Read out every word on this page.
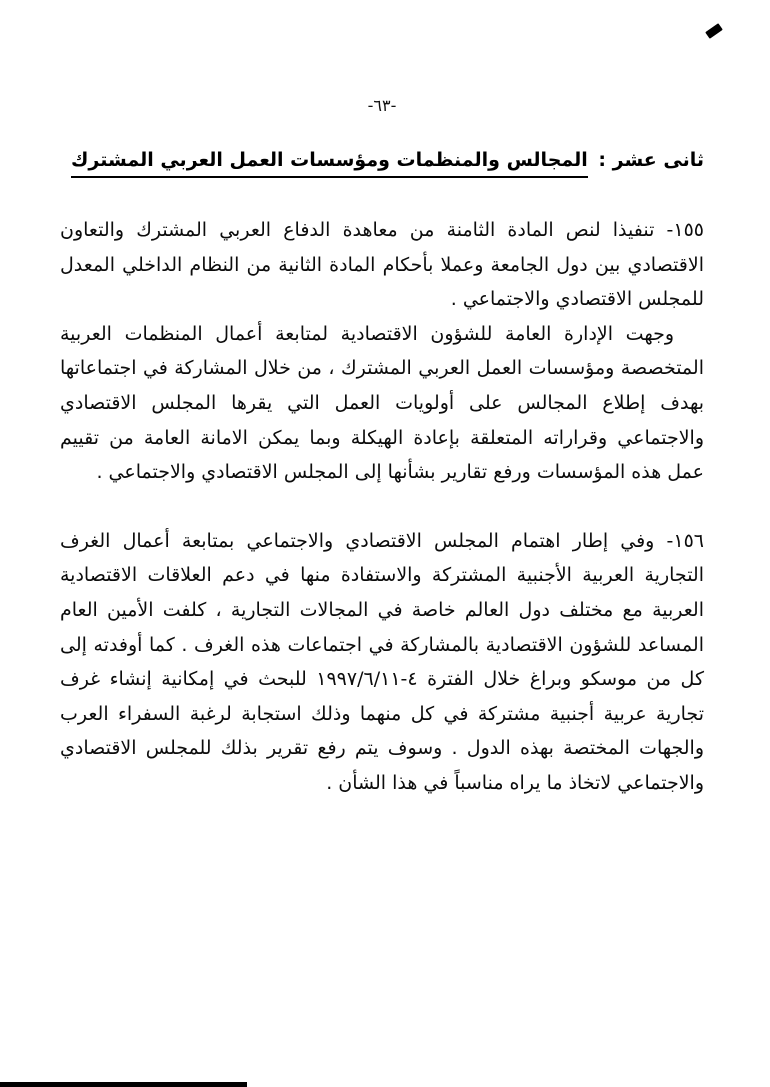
-٦٣-
ثانى عشر : المجالس والمنظمات ومؤسسات العمل العربي المشترك

١٥٥- تنفيذا لنص المادة الثامنة من معاهدة الدفاع العربي المشترك والتعاون الاقتصادي بين دول الجامعة وعملا بأحكام المادة الثانية من النظام الداخلي المعدل للمجلس الاقتصادي والاجتماعي .

وجهت الإدارة العامة للشؤون الاقتصادية لمتابعة أعمال المنظمات العربية المتخصصة ومؤسسات العمل العربي المشترك ، من خلال المشاركة في اجتماعاتها بهدف إطلاع المجالس على أولويات العمل التي يقرها المجلس الاقتصادي والاجتماعي وقراراته المتعلقة بإعادة الهيكلة وبما يمكن الامانة العامة من تقييم عمل هذه المؤسسات ورفع تقارير بشأنها إلى المجلس الاقتصادي والاجتماعي .

١٥٦- وفي إطار اهتمام المجلس الاقتصادي والاجتماعي بمتابعة أعمال الغرف التجارية العربية الأجنبية المشتركة والاستفادة منها في دعم العلاقات الاقتصادية العربية مع مختلف دول العالم خاصة في المجالات التجارية ، كلفت الأمين العام المساعد للشؤون الاقتصادية بالمشاركة في اجتماعات هذه الغرف . كما أوفدته إلى كل من موسكو وبراغ خلال الفترة ٤-١١‏/٦‏/١٩٩٧ للبحث في إمكانية إنشاء غرف تجارية عربية أجنبية مشتركة في كل منهما وذلك استجابة لرغبة السفراء العرب والجهات المختصة بهذه الدول . وسوف يتم رفع تقرير بذلك للمجلس الاقتصادي والاجتماعي لاتخاذ ما يراه مناسباً في هذا الشأن .
